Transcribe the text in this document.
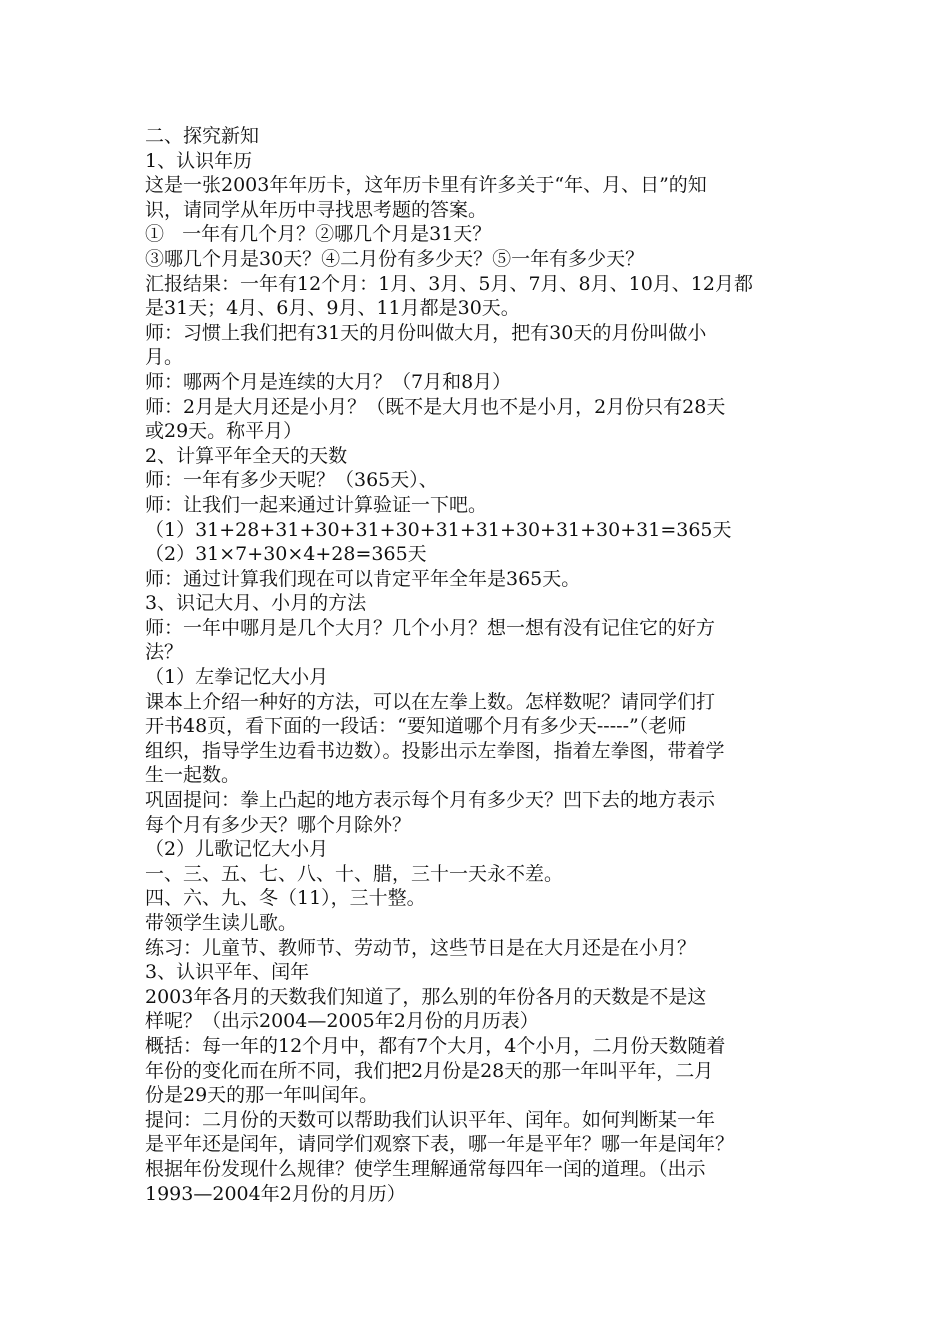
二、探究新知
1、认识年历
这是一张2003年年历卡，这年历卡里有许多关于“年、月、日”的知
识，请同学从年历中寻找思考题的答案。
①   一年有几个月？②哪几个月是31天？
③哪几个月是30天？④二月份有多少天？⑤一年有多少天？
汇报结果：一年有12个月：1月、3月、5月、7月、8月、10月、12月都
是31天；4月、6月、9月、11月都是30天。
师：习惯上我们把有31天的月份叫做大月，把有30天的月份叫做小
月。
师：哪两个月是连续的大月？（7月和8月）
师：2月是大月还是小月？（既不是大月也不是小月，2月份只有28天
或29天。称平月）
2、计算平年全天的天数
师：一年有多少天呢？（365天）、
师：让我们一起来通过计算验证一下吧。
（1）31+28+31+30+31+30+31+31+30+31+30+31=365天
（2）31×7+30×4+28=365天
师：通过计算我们现在可以肯定平年全年是365天。
3、识记大月、小月的方法
师：一年中哪月是几个大月？几个小月？想一想有没有记住它的好方
法？
（1）左拳记忆大小月
课本上介绍一种好的方法，可以在左拳上数。怎样数呢？请同学们打
开书48页，看下面的一段话：“要知道哪个月有多少天-----”（老师
组织，指导学生边看书边数）。投影出示左拳图，指着左拳图，带着学
生一起数。
巩固提问：拳上凸起的地方表示每个月有多少天？凹下去的地方表示
每个月有多少天？哪个月除外？
（2）儿歌记忆大小月
一、三、五、七、八、十、腊，三十一天永不差。
四、六、九、冬（11），三十整。
带领学生读儿歌。
练习：儿童节、教师节、劳动节，这些节日是在大月还是在小月？
3、认识平年、闰年
2003年各月的天数我们知道了，那么别的年份各月的天数是不是这
样呢？（出示2004—2005年2月份的月历表）
概括：每一年的12个月中，都有7个大月，4个小月，二月份天数随着
年份的变化而在所不同，我们把2月份是28天的那一年叫平年，二月
份是29天的那一年叫闰年。
提问：二月份的天数可以帮助我们认识平年、闰年。如何判断某一年
是平年还是闰年，请同学们观察下表，哪一年是平年？哪一年是闰年？
根据年份发现什么规律？使学生理解通常每四年一闰的道理。（出示
1993—2004年2月份的月历）
